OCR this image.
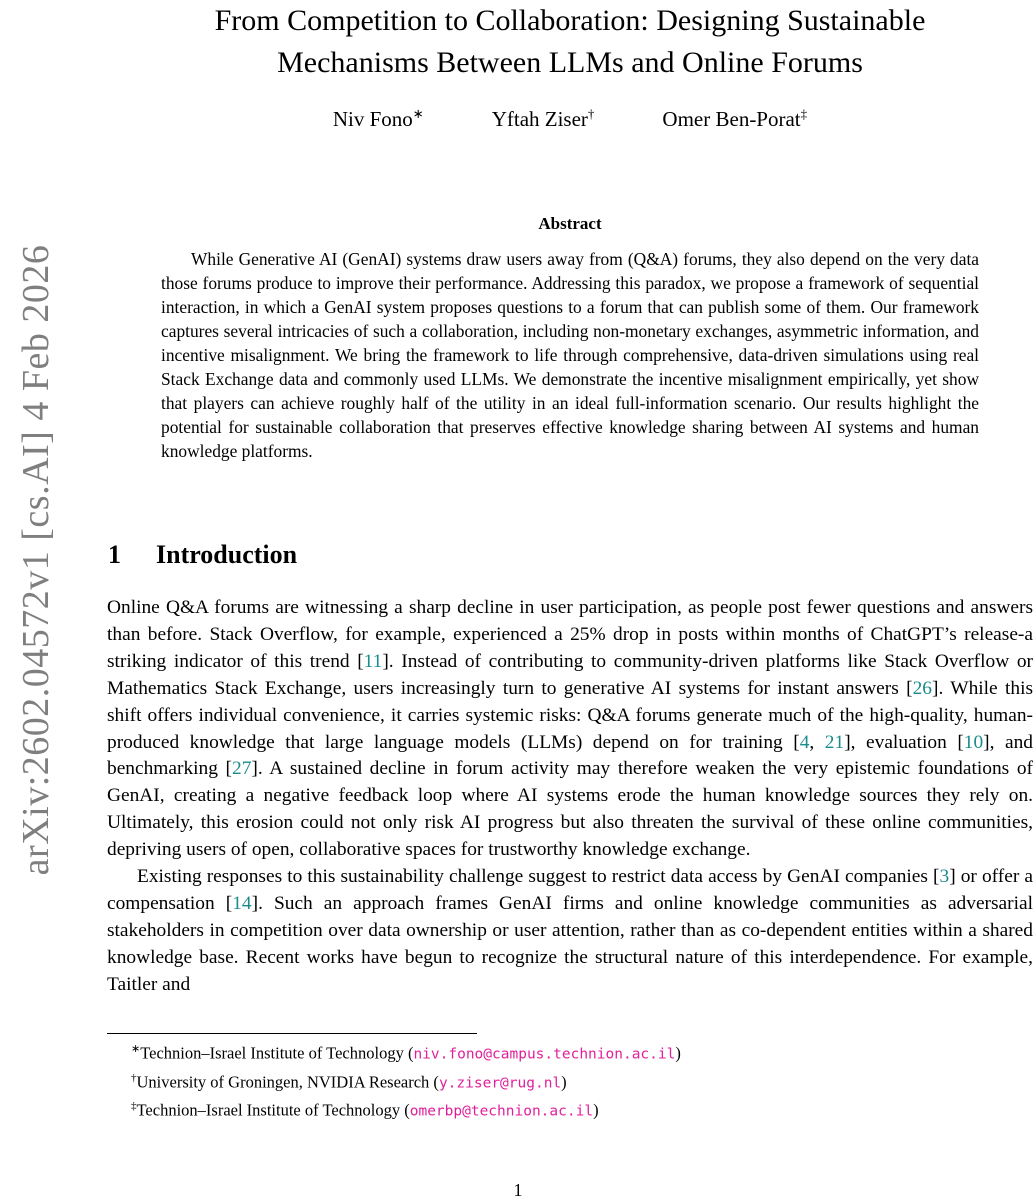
arXiv:2602.04572v1 [cs.AI] 4 Feb 2026
From Competition to Collaboration: Designing Sustainable
Mechanisms Between LLMs and Online Forums
Niv Fono∗	Yftah Ziser†	Omer Ben-Porat‡
Abstract

While Generative AI (GenAI) systems draw users away from (Q&A) forums, they also depend on the very data those forums produce to improve their performance. Addressing this paradox, we propose a framework of sequential interaction, in which a GenAI system proposes questions to a forum that can publish some of them. Our framework captures several intricacies of such a collaboration, including non-monetary exchanges, asymmetric information, and incentive misalignment. We bring the framework to life through comprehensive, data-driven simulations using real Stack Exchange data and commonly used LLMs. We demonstrate the incentive misalignment empirically, yet show that players can achieve roughly half of the utility in an ideal full-information scenario. Our results highlight the potential for sustainable collaboration that preserves effective knowledge sharing between AI systems and human knowledge platforms.

1 Introduction

Online Q&A forums are witnessing a sharp decline in user participation, as people post fewer questions and answers than before. Stack Overflow, for example, experienced a 25% drop in posts within months of ChatGPT’s release-a striking indicator of this trend [11]. Instead of contributing to community-driven platforms like Stack Overflow or Mathematics Stack Exchange, users increasingly turn to generative AI systems for instant answers [26]. While this shift offers individual convenience, it carries systemic risks: Q&A forums generate much of the high-quality, human-produced knowledge that large language models (LLMs) depend on for training [4, 21], evaluation [10], and benchmarking [27]. A sustained decline in forum activity may therefore weaken the very epistemic foundations of GenAI, creating a negative feedback loop where AI systems erode the human knowledge sources they rely on. Ultimately, this erosion could not only risk AI progress but also threaten the survival of these online communities, depriving users of open, collaborative spaces for trustworthy knowledge exchange.

Existing responses to this sustainability challenge suggest to restrict data access by GenAI companies [3] or offer a compensation [14]. Such an approach frames GenAI firms and online knowledge communities as adversarial stakeholders in competition over data ownership or user attention, rather than as co-dependent entities within a shared knowledge base. Recent works have begun to recognize the structural nature of this interdependence. For example, Taitler and

∗Technion–Israel Institute of Technology (niv.fono@campus.technion.ac.il)
†University of Groningen, NVIDIA Research (y.ziser@rug.nl)
‡Technion–Israel Institute of Technology (omerbp@technion.ac.il)
1
